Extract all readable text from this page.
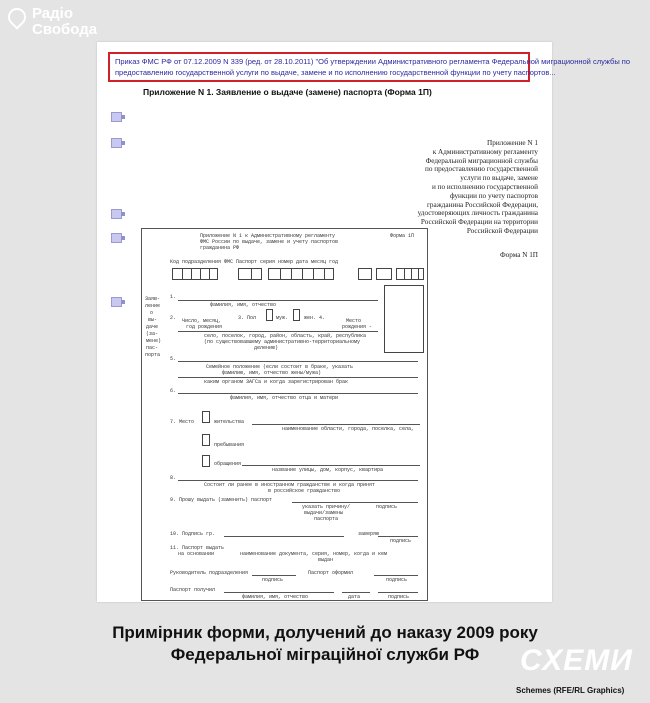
Радіо
Свобода
Приказ ФМС РФ от 07.12.2009 N 339 (ред. от 28.10.2011) "Об утверждении Административного регламента Федеральной миграционной службы по
предоставлению государственной услуги по выдаче, замене и по исполнению государственной функции по учету паспортов...
Приложение N 1. Заявление о выдаче (замене) паспорта (Форма 1П)
Приложение N 1
к Административному регламенту
Федеральной миграционной службы
по предоставлению государственной
услуги по выдаче, замене
и по исполнению государственной
функции по учету паспортов
гражданина Российской Федерации,
удостоверяющих личность гражданина
Российской Федерации на территории
Российской Федерации
Форма N 1П
Приложение N 1 к Административному регламенту	Форма 1П
ФМС России по выдаче, замене и учету паспортов
гражданина РФ
Код подразделения ФМС Паспорт серия номер дата месяц год
Заяв-
ление
о
вы-
даче
(за-
мене)
пас-
порта
1.
фамилия, имя, отчество
2. Число, месяц,
год рождения
3. Пол	муж.	жен. 4.	Место
рождения -
село, поселок, город, район, область, край, республика
(по существовавшему административно-территориальному
делению)
5.
Семейное положение (если состоит в браке, указать
фамилию, имя, отчество жены/мужа)
каким органом ЗАГСа и когда зарегистрирован брак
6.
фамилия, имя, отчество отца и матери
7. Место	жительства
наименование области, города, поселка, села,
пребывания
обращения
название улицы, дом, корпус, квартира
8.
Состоит ли ранее в иностранном гражданстве и когда принят
в российское гражданство
9. Прошу выдать (заменить) паспорт
указать причину/
выдачи/замены
паспорта
подпись
10. Подпись гр.	заверяю
подпись
11. Паспорт выдать
на основании	наименование документа, серия, номер, когда и кем
выдан
Руководитель подразделения
подпись
Паспорт оформил
подпись
Паспорт получил
фамилия, имя, отчество	дата	подпись
Примірник форми, долучений до наказу 2009 року
Федеральної міграційної служби РФ	СХЕМИ
Schemes (RFE/RL Graphics)
